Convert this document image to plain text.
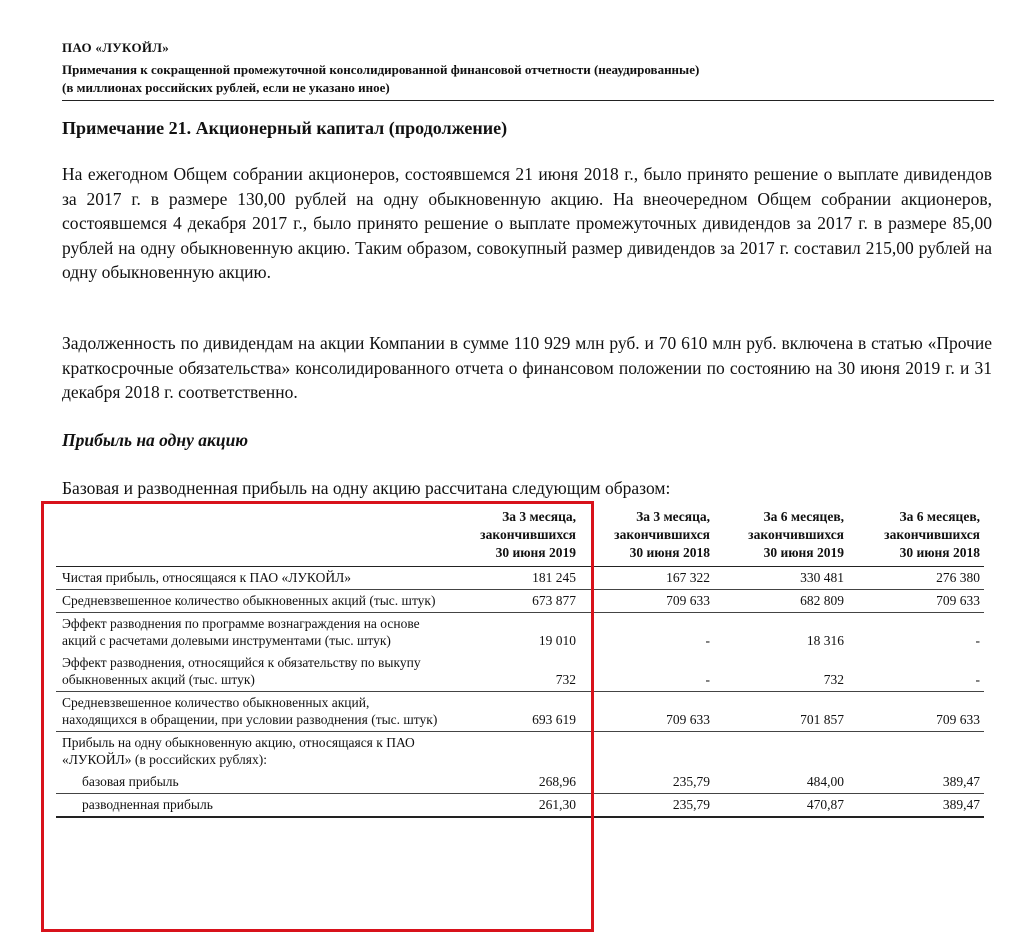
ПАО «ЛУКОЙЛ»
Примечания к сокращенной промежуточной консолидированной финансовой отчетности (неаудированные)
(в миллионах российских рублей, если не указано иное)
Примечание 21. Акционерный капитал (продолжение)
На ежегодном Общем собрании акционеров, состоявшемся 21 июня 2018 г., было принято решение о выплате дивидендов за 2017 г. в размере 130,00 рублей на одну обыкновенную акцию. На внеочередном Общем собрании акционеров, состоявшемся 4 декабря 2017 г., было принято решение о выплате промежуточных дивидендов за 2017 г. в размере 85,00 рублей на одну обыкновенную акцию. Таким образом, совокупный размер дивидендов за 2017 г. составил 215,00 рублей на одну обыкновенную акцию.
Задолженность по дивидендам на акции Компании в сумме 110 929 млн руб. и 70 610 млн руб. включена в статью «Прочие краткосрочные обязательства» консолидированного отчета о финансовом положении по состоянию на 30 июня 2019 г. и 31 декабря 2018 г. соответственно.
Прибыль на одну акцию
Базовая и разводненная прибыль на одну акцию рассчитана следующим образом:
	За 3 месяца,
закончившихся
30 июня 2019	За 3 месяца,
закончившихся
30 июня 2018	За 6 месяцев,
закончившихся
30 июня 2019	За 6 месяцев,
закончившихся
30 июня 2018
Чистая прибыль, относящаяся к ПАО «ЛУКОЙЛ»	181 245	167 322	330 481	276 380
Средневзвешенное количество обыкновенных акций (тыс. штук)	673 877	709 633	682 809	709 633
Эффект разводнения по программе вознаграждения на основе акций с расчетами долевыми инструментами (тыс. штук)	19 010	-	18 316	-
Эффект разводнения, относящийся к обязательству по выкупу обыкновенных акций (тыс. штук)	732	-	732	-
Средневзвешенное количество обыкновенных акций, находящихся в обращении, при условии разводнения (тыс. штук)	693 619	709 633	701 857	709 633
Прибыль на одну обыкновенную акцию, относящаяся к ПАО «ЛУКОЙЛ» (в российских рублях):				
базовая прибыль	268,96	235,79	484,00	389,47
разводненная прибыль	261,30	235,79	470,87	389,47
